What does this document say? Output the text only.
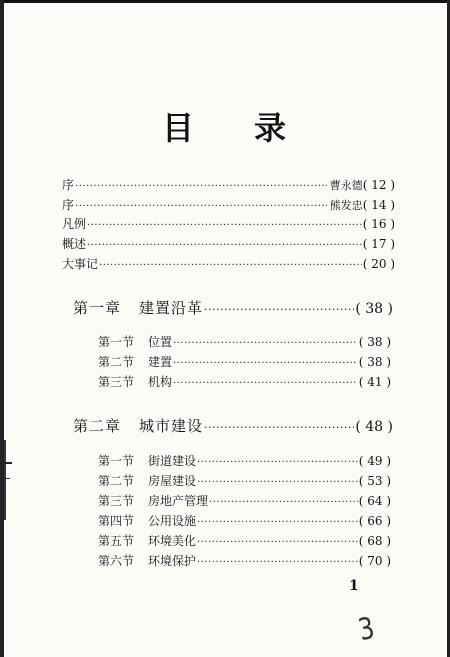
目 录
序 ·····	曹永德 ( 12 )
序 ·····	熊发忠 ( 14 )
凡例 ·····	( 16 )
概述 ·····	( 17 )
大事记 ·····	( 20 )
第一章 建置沿革 ·····	( 38 )
第一节 位置 ·····	( 38 )
第二节 建置 ·····	( 38 )
第三节 机构 ·····	( 41 )
第二章 城市建设 ·····	( 48 )
第一节 街道建设 ·····	( 49 )
第二节 房屋建设 ·····	( 53 )
第三节 房地产管理 ·····	( 64 )
第四节 公用设施 ·····	( 66 )
第五节 环境美化 ·····	( 68 )
第六节 环境保护 ·····	( 70 )
1
3
